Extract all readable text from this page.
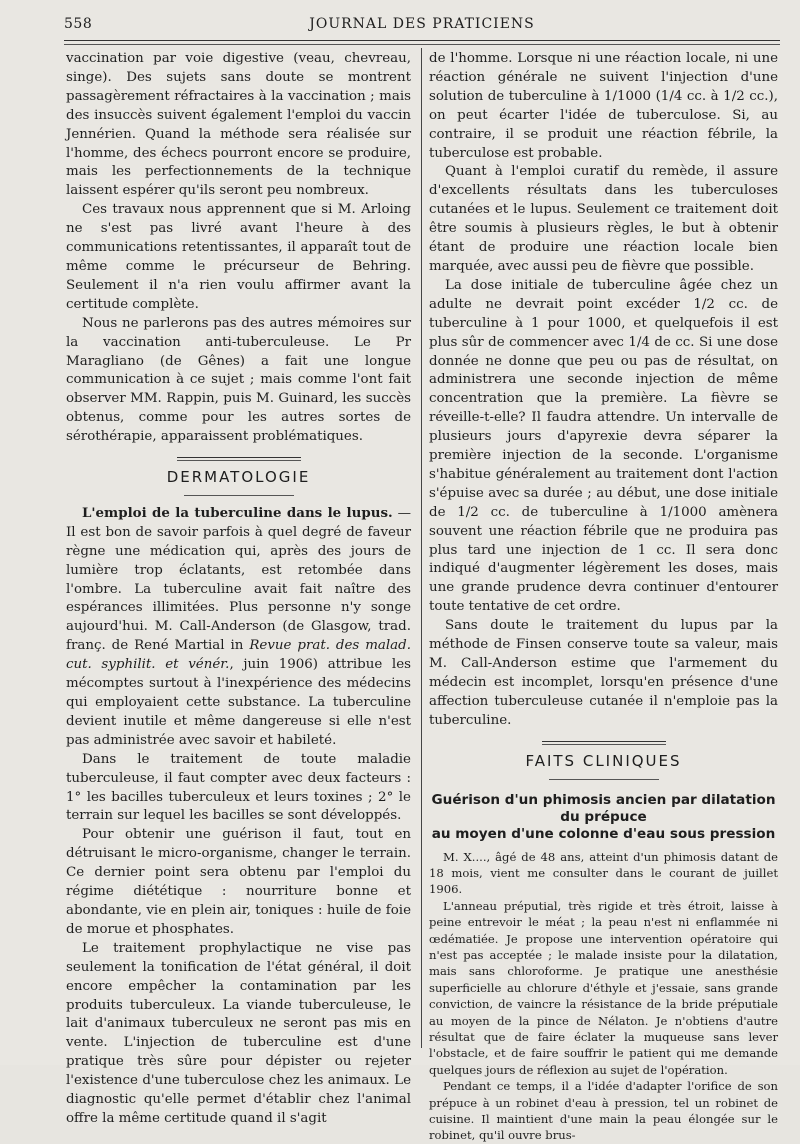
558	JOURNAL DES PRATICIENS

vaccination par voie digestive (veau, chevreau, singe). Des sujets sans doute se montrent passagèrement réfractaires à la vaccination ; mais des insuccès suivent également l'emploi du vaccin Jennérien. Quand la méthode sera réalisée sur l'homme, des échecs pourront encore se produire, mais les perfectionnements de la technique laissent espérer qu'ils seront peu nombreux.

Ces travaux nous apprennent que si M. Arloing ne s'est pas livré avant l'heure à des communications retentissantes, il apparaît tout de même comme le précurseur de Behring. Seulement il n'a rien voulu affirmer avant la certitude complète.

Nous ne parlerons pas des autres mémoires sur la vaccination anti-tuberculeuse. Le Pr Maragliano (de Gênes) a fait une longue communication à ce sujet ; mais comme l'ont fait observer MM. Rappin, puis M. Guinard, les succès obtenus, comme pour les autres sortes de sérothérapie, apparaissent problématiques.

DERMATOLOGIE

L'emploi de la tuberculine dans le lupus. — Il est bon de savoir parfois à quel degré de faveur règne une médication qui, après des jours de lumière trop éclatants, est retombée dans l'ombre. La tuberculine avait fait naître des espérances illimitées. Plus personne n'y songe aujourd'hui. M. Call-Anderson (de Glasgow, trad. franç. de René Martial in Revue prat. des malad. cut. syphilit. et vénér., juin 1906) attribue les mécomptes surtout à l'inexpérience des médecins qui employaient cette substance. La tuberculine devient inutile et même dangereuse si elle n'est pas administrée avec savoir et habileté.

Dans le traitement de toute maladie tuberculeuse, il faut compter avec deux facteurs : 1° les bacilles tuberculeux et leurs toxines ; 2° le terrain sur lequel les bacilles se sont développés.

Pour obtenir une guérison il faut, tout en détruisant le micro-organisme, changer le terrain. Ce dernier point sera obtenu par l'emploi du régime diététique : nourriture bonne et abondante, vie en plein air, toniques : huile de foie de morue et phosphates.

Le traitement prophylactique ne vise pas seulement la tonification de l'état général, il doit encore empêcher la contamination par les produits tuberculeux. La viande tuberculeuse, le lait d'animaux tuberculeux ne seront pas mis en vente. L'injection de tuberculine est d'une pratique très sûre pour dépister ou rejeter l'existence d'une tuberculose chez les animaux. Le diagnostic qu'elle permet d'établir chez l'animal offre la même certitude quand il s'agit

de l'homme. Lorsque ni une réaction locale, ni une réaction générale ne suivent l'injection d'une solution de tuberculine à 1/1000 (1/4 cc. à 1/2 cc.), on peut écarter l'idée de tuberculose. Si, au contraire, il se produit une réaction fébrile, la tuberculose est probable.

Quant à l'emploi curatif du remède, il assure d'excellents résultats dans les tuberculoses cutanées et le lupus. Seulement ce traitement doit être soumis à plusieurs règles, le but à obtenir étant de produire une réaction locale bien marquée, avec aussi peu de fièvre que possible.

La dose initiale de tuberculine âgée chez un adulte ne devrait point excéder 1/2 cc. de tuberculine à 1 pour 1000, et quelquefois il est plus sûr de commencer avec 1/4 de cc. Si une dose donnée ne donne que peu ou pas de résultat, on administrera une seconde injection de même concentration que la première. La fièvre se réveille-t-elle? Il faudra attendre. Un intervalle de plusieurs jours d'apyrexie devra séparer la première injection de la seconde. L'organisme s'habitue généralement au traitement dont l'action s'épuise avec sa durée ; au début, une dose initiale de 1/2 cc. de tuberculine à 1/1000 amènera souvent une réaction fébrile que ne produira pas plus tard une injection de 1 cc. Il sera donc indiqué d'augmenter légèrement les doses, mais une grande prudence devra continuer d'entourer toute tentative de cet ordre.

Sans doute le traitement du lupus par la méthode de Finsen conserve toute sa valeur, mais M. Call-Anderson estime que l'armement du médecin est incomplet, lorsqu'en présence d'une affection tuberculeuse cutanée il n'emploie pas la tuberculine.

FAITS CLINIQUES
Guérison d'un phimosis ancien par dilatation
du prépuce
au moyen d'une colonne d'eau sous pression

M. X...., âgé de 48 ans, atteint d'un phimosis datant de 18 mois, vient me consulter dans le courant de juillet 1906.

L'anneau préputial, très rigide et très étroit, laisse à peine entrevoir le méat ; la peau n'est ni enflammée ni œdématiée. Je propose une intervention opératoire qui n'est pas acceptée ; le malade insiste pour la dilatation, mais sans chloroforme. Je pratique une anesthésie superficielle au chlorure d'éthyle et j'essaie, sans grande conviction, de vaincre la résistance de la bride préputiale au moyen de la pince de Nélaton. Je n'obtiens d'autre résultat que de faire éclater la muqueuse sans lever l'obstacle, et de faire souffrir le patient qui me demande quelques jours de réflexion au sujet de l'opération.

Pendant ce temps, il a l'idée d'adapter l'orifice de son prépuce à un robinet d'eau à pression, tel un robinet de cuisine. Il maintient d'une main la peau élongée sur le robinet, qu'il ouvre brus-
